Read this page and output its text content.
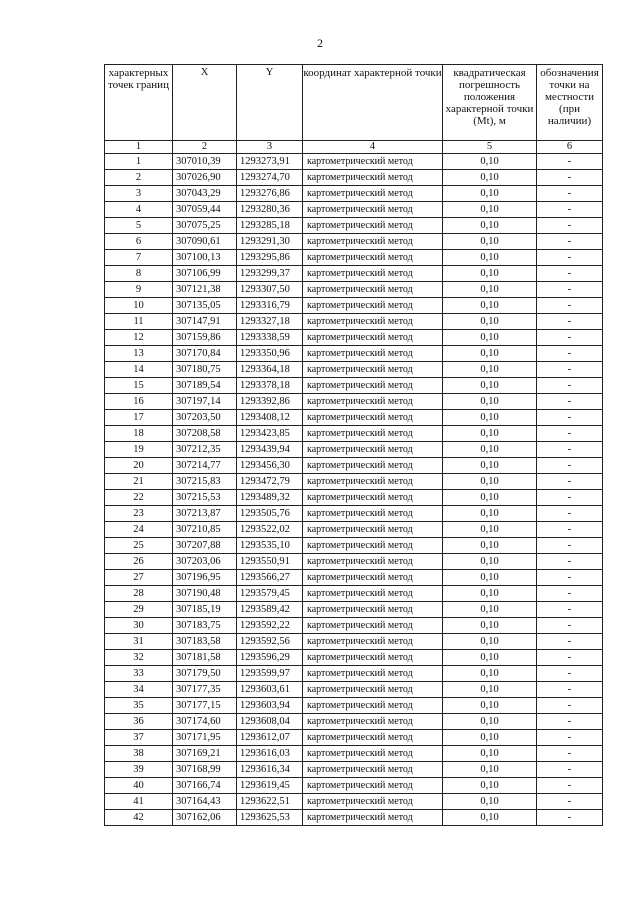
2
характерных точек границ	X	Y	координат характерной точки	квадратическая погрешность положения характерной точки (Mt), м	обозначения точки на местности (при наличии)
1	2	3	4	5	6
1	307010,39	1293273,91	картометрический метод	0,10	-
2	307026,90	1293274,70	картометрический метод	0,10	-
3	307043,29	1293276,86	картометрический метод	0,10	-
4	307059,44	1293280,36	картометрический метод	0,10	-
5	307075,25	1293285,18	картометрический метод	0,10	-
6	307090,61	1293291,30	картометрический метод	0,10	-
7	307100,13	1293295,86	картометрический метод	0,10	-
8	307106,99	1293299,37	картометрический метод	0,10	-
9	307121,38	1293307,50	картометрический метод	0,10	-
10	307135,05	1293316,79	картометрический метод	0,10	-
11	307147,91	1293327,18	картометрический метод	0,10	-
12	307159,86	1293338,59	картометрический метод	0,10	-
13	307170,84	1293350,96	картометрический метод	0,10	-
14	307180,75	1293364,18	картометрический метод	0,10	-
15	307189,54	1293378,18	картометрический метод	0,10	-
16	307197,14	1293392,86	картометрический метод	0,10	-
17	307203,50	1293408,12	картометрический метод	0,10	-
18	307208,58	1293423,85	картометрический метод	0,10	-
19	307212,35	1293439,94	картометрический метод	0,10	-
20	307214,77	1293456,30	картометрический метод	0,10	-
21	307215,83	1293472,79	картометрический метод	0,10	-
22	307215,53	1293489,32	картометрический метод	0,10	-
23	307213,87	1293505,76	картометрический метод	0,10	-
24	307210,85	1293522,02	картометрический метод	0,10	-
25	307207,88	1293535,10	картометрический метод	0,10	-
26	307203,06	1293550,91	картометрический метод	0,10	-
27	307196,95	1293566,27	картометрический метод	0,10	-
28	307190,48	1293579,45	картометрический метод	0,10	-
29	307185,19	1293589,42	картометрический метод	0,10	-
30	307183,75	1293592,22	картометрический метод	0,10	-
31	307183,58	1293592,56	картометрический метод	0,10	-
32	307181,58	1293596,29	картометрический метод	0,10	-
33	307179,50	1293599,97	картометрический метод	0,10	-
34	307177,35	1293603,61	картометрический метод	0,10	-
35	307177,15	1293603,94	картометрический метод	0,10	-
36	307174,60	1293608,04	картометрический метод	0,10	-
37	307171,95	1293612,07	картометрический метод	0,10	-
38	307169,21	1293616,03	картометрический метод	0,10	-
39	307168,99	1293616,34	картометрический метод	0,10	-
40	307166,74	1293619,45	картометрический метод	0,10	-
41	307164,43	1293622,51	картометрический метод	0,10	-
42	307162,06	1293625,53	картометрический метод	0,10	-
